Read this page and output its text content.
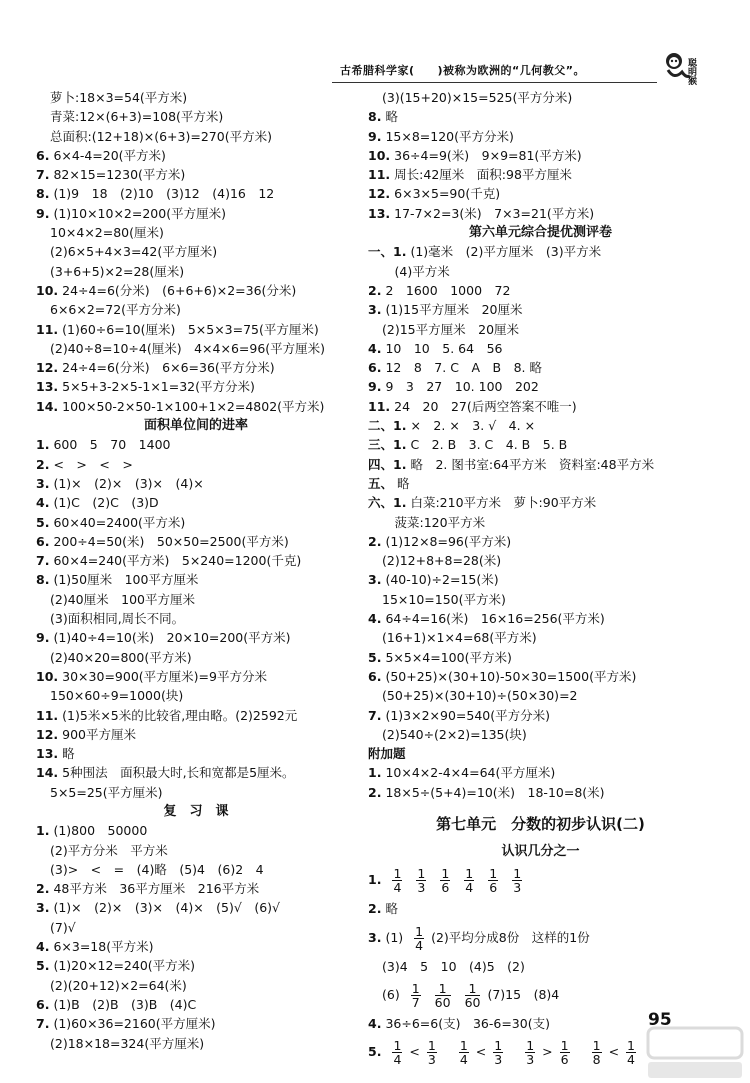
古希腊科学家(　　)被称为欧洲的“几何教父”。	聪明猴
萝卜:18×3=54(平方米)
青菜:12×(6+3)=108(平方米)
总面积:(12+18)×(6+3)=270(平方米)
6. 6×4-4=20(平方米)
7. 82×15=1230(平方米)
8. (1)9　18　(2)10　(3)12　(4)16　12
9. (1)10×10×2=200(平方厘米)
10×4×2=80(厘米)
(2)6×5+4×3=42(平方厘米)
(3+6+5)×2=28(厘米)
10. 24÷4=6(分米)　(6+6+6)×2=36(分米)
6×6×2=72(平方分米)
11. (1)60÷6=10(厘米)　5×5×3=75(平方厘米)
(2)40÷8=10÷4(厘米)　4×4×6=96(平方厘米)
12. 24÷4=6(分米)　6×6=36(平方分米)
13. 5×5+3-2×5-1×1=32(平方分米)
14. 100×50-2×50-1×100+1×2=4802(平方米)
面积单位间的进率
1. 600　5　70　1400
2. <　>　<　>
3. (1)×　(2)×　(3)×　(4)×
4. (1)C　(2)C　(3)D
5. 60×40=2400(平方米)
6. 200÷4=50(米)　50×50=2500(平方米)
7. 60×4=240(平方米)　5×240=1200(千克)
8. (1)50厘米　100平方厘米
(2)40厘米　100平方厘米
(3)面积相同,周长不同。
9. (1)40÷4=10(米)　20×10=200(平方米)
(2)40×20=800(平方米)
10. 30×30=900(平方厘米)=9平方分米
150×60÷9=1000(块)
11. (1)5米×5米的比较省,理由略。(2)2592元
12. 900平方厘米
13. 略
14. 5种围法　面积最大时,长和宽都是5厘米。
5×5=25(平方厘米)
复　习　课
1. (1)800　50000
(2)平方分米　平方米
(3)>　<　=　(4)略　(5)4　(6)2　4
2. 48平方米　36平方厘米　216平方米
3. (1)×　(2)×　(3)×　(4)×　(5)√　(6)√
(7)√
4. 6×3=18(平方米)
5. (1)20×12=240(平方米)
(2)(20+12)×2=64(米)
6. (1)B　(2)B　(3)B　(4)C
7. (1)60×36=2160(平方厘米)
(2)18×18=324(平方厘米)
(3)(15+20)×15=525(平方分米)
8. 略
9. 15×8=120(平方分米)
10. 36÷4=9(米)　9×9=81(平方米)
11. 周长:42厘米　面积:98平方厘米
12. 6×3×5=90(千克)
13. 17-7×2=3(米)　7×3=21(平方米)
第六单元综合提优测评卷
一、1. (1)毫米　(2)平方厘米　(3)平方米
　(4)平方米
2. 2　1600　1000　72
3. (1)15平方厘米　20厘米
(2)15平方厘米　20厘米
4. 10　10　5. 64　56
6. 12　8　7. C　A　B　8. 略
9. 9　3　27　10. 100　202
11. 24　20　27(后两空答案不唯一)
二、1. ×　2. ×　3. √　4. ×
三、1. C　2. B　3. C　4. B　5. B
四、1. 略　2. 图书室:64平方米　资料室:48平方米
五、 略
六、1. 白菜:210平方米　萝卜:90平方米
　菠菜:120平方米
2. (1)12×8=96(平方米)
(2)12+8+8=28(米)
3. (40-10)÷2=15(米)
15×10=150(平方米)
4. 64÷4=16(米)　16×16=256(平方米)
(16+1)×1×4=68(平方米)
5. 5×5×4=100(平方米)
6. (50+25)×(30+10)-50×30=1500(平方米)
(50+25)×(30+10)÷(50×30)=2
7. (1)3×2×90=540(平方分米)
(2)540÷(2×2)=135(块)
附加题
1. 10×4×2-4×4=64(平方厘米)
2. 18×5÷(5+4)=10(米)　18-10=8(米)
第七单元　分数的初步认识(二)
认识几分之一
1. $\frac{1}{4} \frac{1}{3} \frac{1}{6} \frac{1}{4} \frac{1}{6} \frac{1}{3}$
2. 略
3. $(1) \frac{1}{4} (2)$平均分成8份　这样的1份
(3)4　5　10　(4)5　(2)
$(6) \frac{1}{7} \frac{1}{60} \frac{1}{60} (7)15$　(8)4
4. 36÷6=6(支)　36-6=30(支)
5. $\frac{1}{4} < \frac{1}{3} \frac{1}{4} < \frac{1}{3} \frac{1}{3} > \frac{1}{6} \frac{1}{8} < \frac{1}{4}$
95
